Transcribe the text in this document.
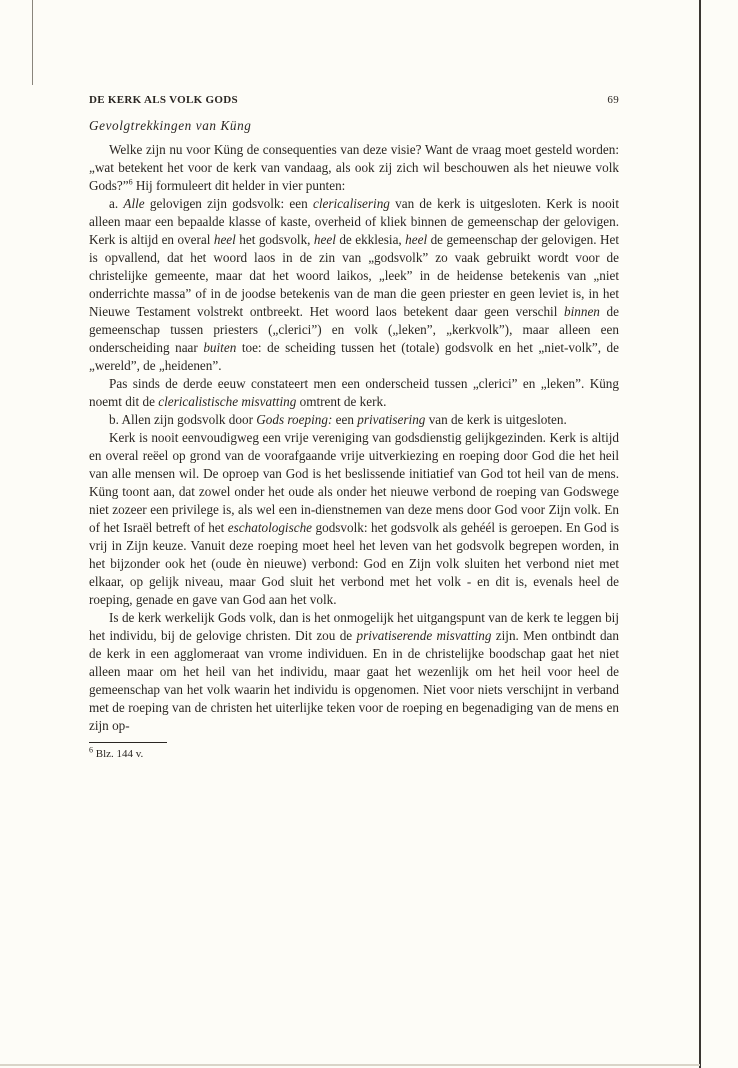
DE KERK ALS VOLK GODS	69
Gevolgtrekkingen van Küng

Welke zijn nu voor Küng de consequenties van deze visie? Want de vraag moet gesteld worden: „wat betekent het voor de kerk van vandaag, als ook zij zich wil beschouwen als het nieuwe volk Gods?”$^6$ Hij formuleert dit helder in vier punten:

a. Alle gelovigen zijn godsvolk: een clericalisering van de kerk is uitgesloten. Kerk is nooit alleen maar een bepaalde klasse of kaste, overheid of kliek binnen de gemeenschap der gelovigen. Kerk is altijd en overal heel het godsvolk, heel de ekklesia, heel de gemeenschap der gelovigen. Het is opvallend, dat het woord laos in de zin van „godsvolk” zo vaak gebruikt wordt voor de christelijke gemeente, maar dat het woord laikos, „leek” in de heidense betekenis van „niet onderrichte massa” of in de joodse betekenis van de man die geen priester en geen leviet is, in het Nieuwe Testament volstrekt ontbreekt. Het woord laos betekent daar geen verschil binnen de gemeenschap tussen priesters („clerici”) en volk („leken”, „kerkvolk”), maar alleen een onderscheiding naar buiten toe: de scheiding tussen het (totale) godsvolk en het „niet-volk”, de „wereld”, de „heidenen”.

Pas sinds de derde eeuw constateert men een onderscheid tussen „clerici” en „leken”. Küng noemt dit de clericalistische misvatting omtrent de kerk.

b. Allen zijn godsvolk door Gods roeping: een privatisering van de kerk is uitgesloten.

Kerk is nooit eenvoudigweg een vrije vereniging van godsdienstig gelijkgezinden. Kerk is altijd en overal reëel op grond van de voorafgaande vrije uitverkiezing en roeping door God die het heil van alle mensen wil. De oproep van God is het beslissende initiatief van God tot heil van de mens. Küng toont aan, dat zowel onder het oude als onder het nieuwe verbond de roeping van Godswege niet zozeer een privilege is, als wel een in-dienstnemen van deze mens door God voor Zijn volk. En of het Israël betreft of het eschatologische godsvolk: het godsvolk als gehéél is geroepen. En God is vrij in Zijn keuze. Vanuit deze roeping moet heel het leven van het godsvolk begrepen worden, in het bijzonder ook het (oude èn nieuwe) verbond: God en Zijn volk sluiten het verbond niet met elkaar, op gelijk niveau, maar God sluit het verbond met het volk - en dit is, evenals heel de roeping, genade en gave van God aan het volk.

Is de kerk werkelijk Gods volk, dan is het onmogelijk het uitgangspunt van de kerk te leggen bij het individu, bij de gelovige christen. Dit zou de privatiserende misvatting zijn. Men ontbindt dan de kerk in een agglomeraat van vrome individuen. En in de christelijke boodschap gaat het niet alleen maar om het heil van het individu, maar gaat het wezenlijk om het heil voor heel de gemeenschap van het volk waarin het individu is opgenomen. Niet voor niets verschijnt in verband met de roeping van de christen het uiterlijke teken voor de roeping en begenadiging van de mens en zijn op-

$^6$ Blz. 144 v.
